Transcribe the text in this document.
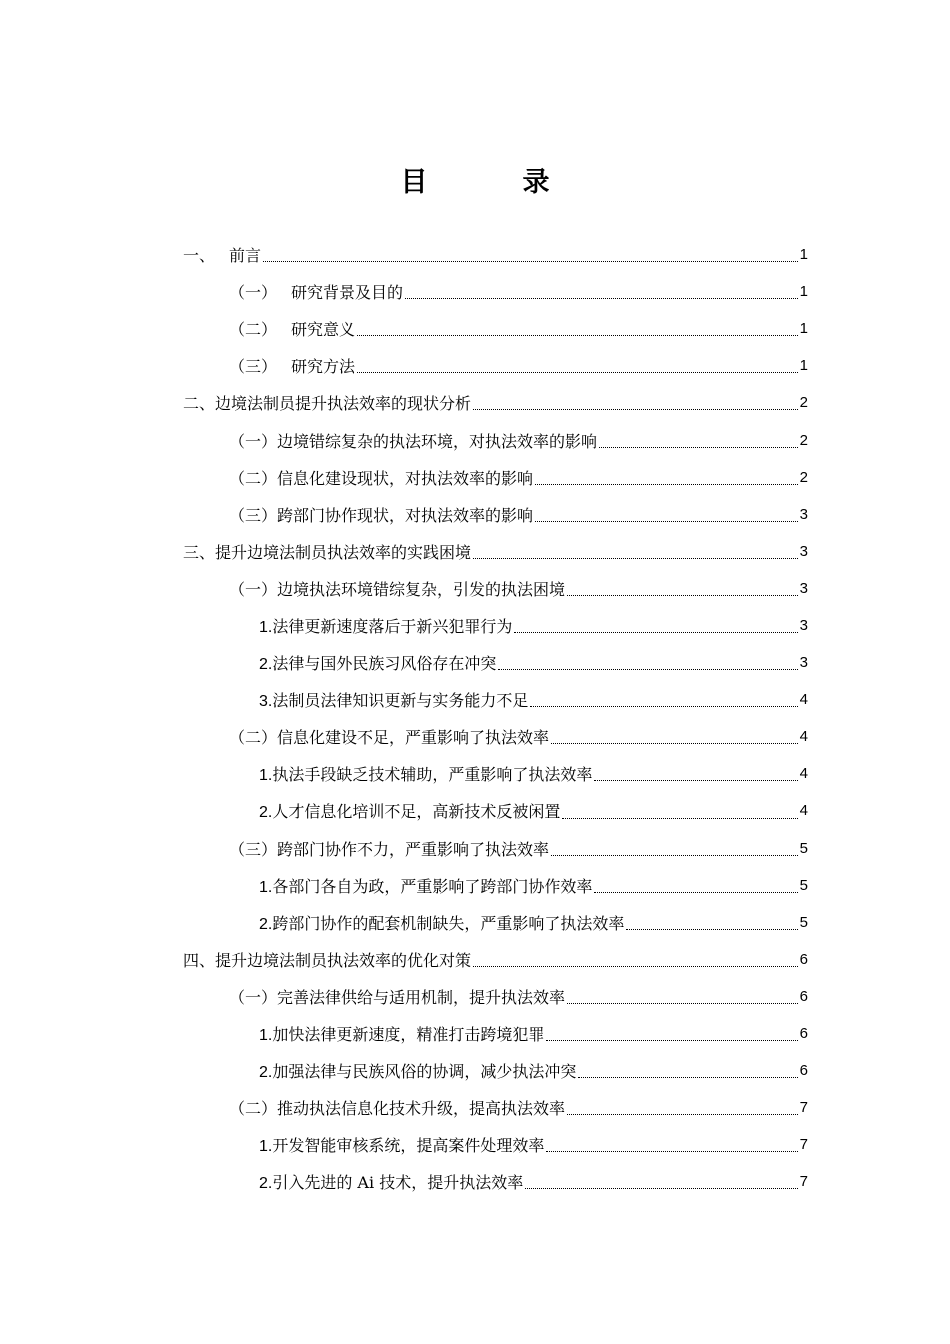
目　录
一、 前言	1
（一） 研究背景及目的	1
（二） 研究意义	1
（三） 研究方法	1
二、边境法制员提升执法效率的现状分析	2
（一）边境错综复杂的执法环境，对执法效率的影响	2
（二）信息化建设现状，对执法效率的影响	2
（三）跨部门协作现状，对执法效率的影响	3
三、提升边境法制员执法效率的实践困境	3
（一）边境执法环境错综复杂，引发的执法困境	3
1.法律更新速度落后于新兴犯罪行为	3
2.法律与国外民族习风俗存在冲突	3
3.法制员法律知识更新与实务能力不足	4
（二）信息化建设不足，严重影响了执法效率	4
1.执法手段缺乏技术辅助，严重影响了执法效率	4
2.人才信息化培训不足，高新技术反被闲置	4
（三）跨部门协作不力，严重影响了执法效率	5
1.各部门各自为政，严重影响了跨部门协作效率	5
2.跨部门协作的配套机制缺失，严重影响了执法效率	5
四、提升边境法制员执法效率的优化对策	6
（一）完善法律供给与适用机制，提升执法效率	6
1.加快法律更新速度，精准打击跨境犯罪	6
2.加强法律与民族风俗的协调，减少执法冲突	6
（二）推动执法信息化技术升级，提高执法效率	7
1.开发智能审核系统，提高案件处理效率	7
2.引入先进的 Ai 技术，提升执法效率	7
